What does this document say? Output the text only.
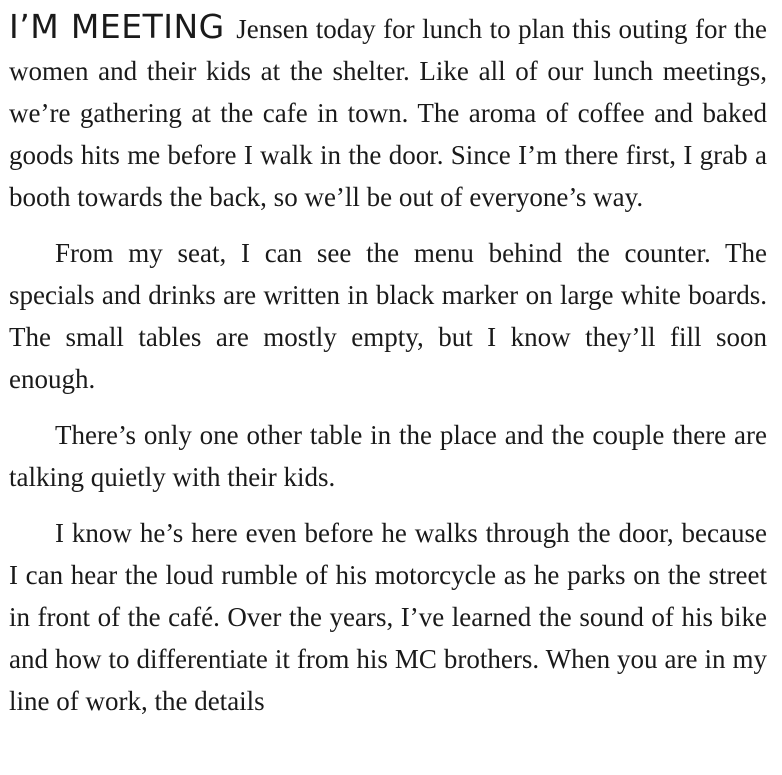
I’M MEETING Jensen today for lunch to plan this outing for the women and their kids at the shelter. Like all of our lunch meetings, we’re gathering at the cafe in town. The aroma of coffee and baked goods hits me before I walk in the door. Since I’m there first, I grab a booth towards the back, so we’ll be out of everyone’s way.

From my seat, I can see the menu behind the counter. The specials and drinks are written in black marker on large white boards. The small tables are mostly empty, but I know they’ll fill soon enough.

There’s only one other table in the place and the couple there are talking quietly with their kids.

I know he’s here even before he walks through the door, because I can hear the loud rumble of his motorcycle as he parks on the street in front of the café. Over the years, I’ve learned the sound of his bike and how to differentiate it from his MC brothers. When you are in my line of work, the details
